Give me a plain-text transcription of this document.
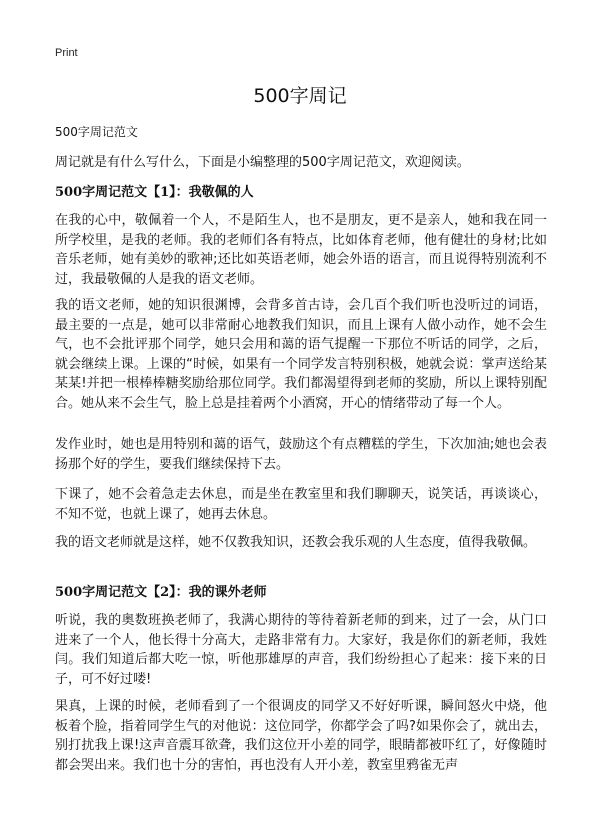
Print
500字周记
500字周记范文
周记就是有什么写什么，下面是小编整理的500字周记范文，欢迎阅读。
500字周记范文【1】：我敬佩的人

在我的心中，敬佩着一个人，不是陌生人，也不是朋友，更不是亲人，她和我在同一所学校里，是我的老师。我的老师们各有特点，比如体育老师，他有健壮的身材;比如音乐老师，她有美妙的歌神;还比如英语老师，她会外语的语言，而且说得特别流利不过，我最敬佩的人是我的语文老师。

我的语文老师，她的知识很渊博，会背多首古诗，会几百个我们听也没听过的词语，最主要的一点是，她可以非常耐心地教我们知识，而且上课有人做小动作，她不会生气，也不会批评那个同学，她只会用和蔼的语气提醒一下那位不听话的同学，之后，就会继续上课。上课的“时候，如果有一个同学发言特别积极，她就会说：掌声送给某某某!并把一根棒棒糖奖励给那位同学。我们都渴望得到老师的奖励，所以上课特别配合。她从来不会生气，脸上总是挂着两个小酒窝，开心的情绪带动了每一个人。

发作业时，她也是用特别和蔼的语气，鼓励这个有点糟糕的学生，下次加油;她也会表扬那个好的学生，要我们继续保持下去。

下课了，她不会着急走去休息，而是坐在教室里和我们聊聊天，说笑话，再谈谈心，不知不觉，也就上课了，她再去休息。

我的语文老师就是这样，她不仅教我知识，还教会我乐观的人生态度，值得我敬佩。

500字周记范文【2】：我的课外老师

听说，我的奥数班换老师了，我满心期待的等待着新老师的到来，过了一会，从门口进来了一个人，他长得十分高大，走路非常有力。大家好，我是你们的新老师，我姓闫。我们知道后都大吃一惊，听他那雄厚的声音，我们纷纷担心了起来：接下来的日子，可不好过喽!

果真，上课的时候，老师看到了一个很调皮的同学又不好好听课，瞬间怒火中烧，他板着个脸，指着同学生气的对他说：这位同学，你都学会了吗?如果你会了，就出去，别打扰我上课!这声音震耳欲聋，我们这位开小差的同学，眼睛都被吓红了，好像随时都会哭出来。我们也十分的害怕，再也没有人开小差，教室里鸦雀无声
